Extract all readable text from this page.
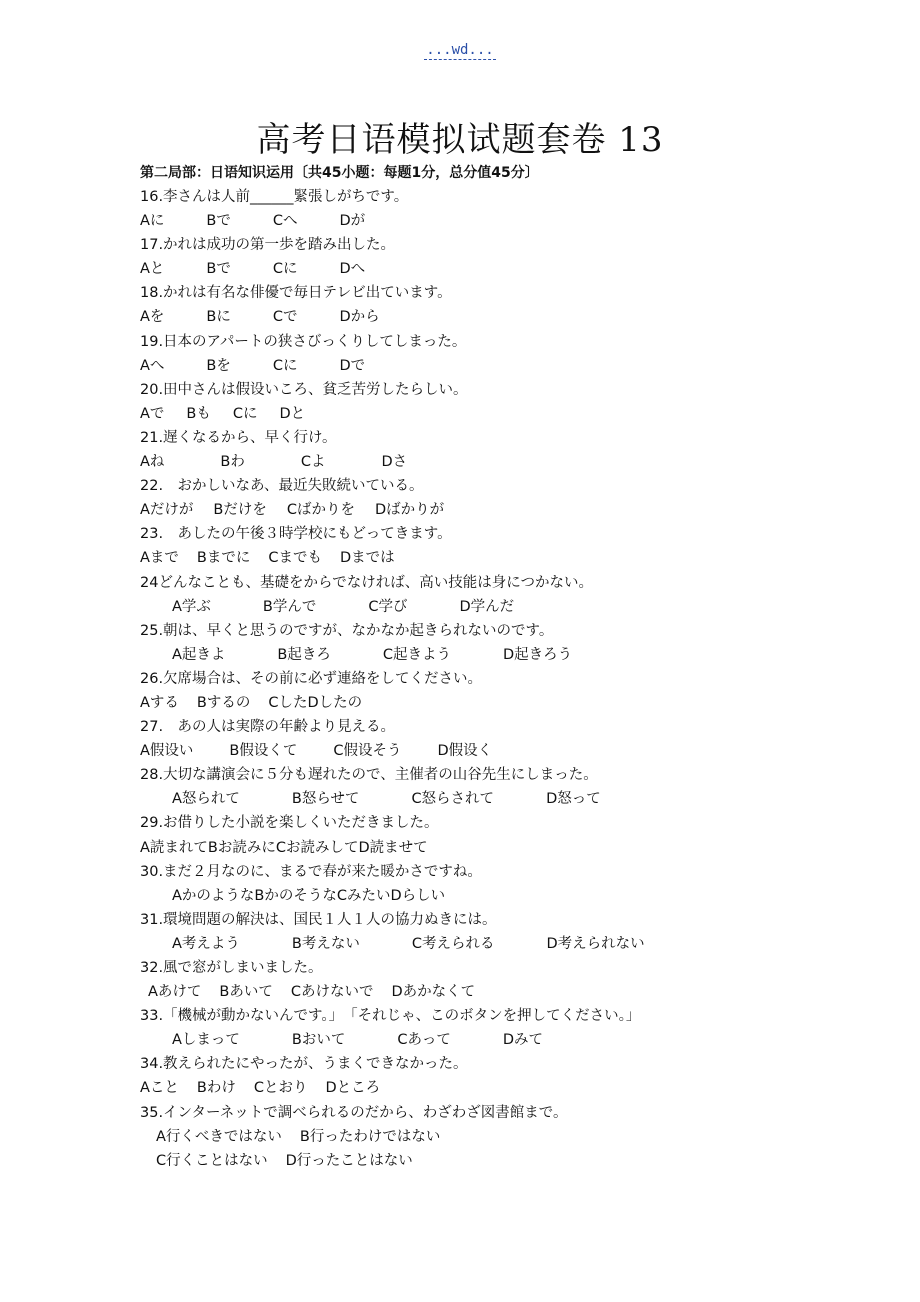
...wd...
高考日语模拟试题套卷 13

第二局部：日语知识运用〔共45小题：每题1分，总分值45分〕

16.李さんは人前______緊張しがちです。
Aに	Bで	Cへ	Dが
17.かれは成功の第一歩を踏み出した。
Aと	Bで	Cに	Dへ
18.かれは有名な俳優で毎日テレビ出ています。
Aを	Bに	Cで	Dから
19.日本のアパートの狭さびっくりしてしまった。
Aへ	Bを	Cに	Dで
20.田中さんは假设いころ、貧乏苦労したらしい。
Aで Bも Cに Dと
21.遅くなるから、早く行け。
Aね	Bわ	Cよ	Dさ
22.　おかしいなあ、最近失敗続いている。
Aだけが Bだけを Cばかりを Dばかりが
23.　あしたの午後３時学校にもどってきます。
Aまで Bまでに Cまでも Dまでは
24どんなことも、基礎をからでなければ、高い技能は身につかない。
A学ぶ	B学んで	C学び	D学んだ
25.朝は、早くと思うのですが、なかなか起きられないのです。
A起きよ	B起きろ	C起きよう	D起きろう
26.欠席場合は、その前に必ず連絡をしてください。
Aする Bするの CしたDしたの
27.　あの人は実際の年齢より見える。
A假设い B假设くて C假设そう D假设く
28.大切な講演会に５分も遅れたので、主催者の山谷先生にしまった。
A怒られて	B怒らせて	C怒らされて	D怒って
29.お借りした小説を楽しくいただきました。
A読まれてBお読みにCお読みしてD読ませて
30.まだ２月なのに、まるで春が来た暖かさですね。
AかのようなBかのそうなCみたいDらしい
31.環境問題の解決は、国民１人１人の協力ぬきには。
A考えよう	B考えない	C考えられる	D考えられない
32.風で窓がしまいました。
Aあけて Bあいて Cあけないで Dあかなくて
33.「機械が動かないんです。」　「それじゃ、このボタンを押してください。」
Aしまって	Bおいて	Cあって	Dみて
34.教えられたにやったが、うまくできなかった。
Aこと Bわけ Cとおり Dところ
35.インターネットで調べられるのだから、わざわざ図書館まで。
A行くべきではない B行ったわけではない
C行くことはない D行ったことはない
